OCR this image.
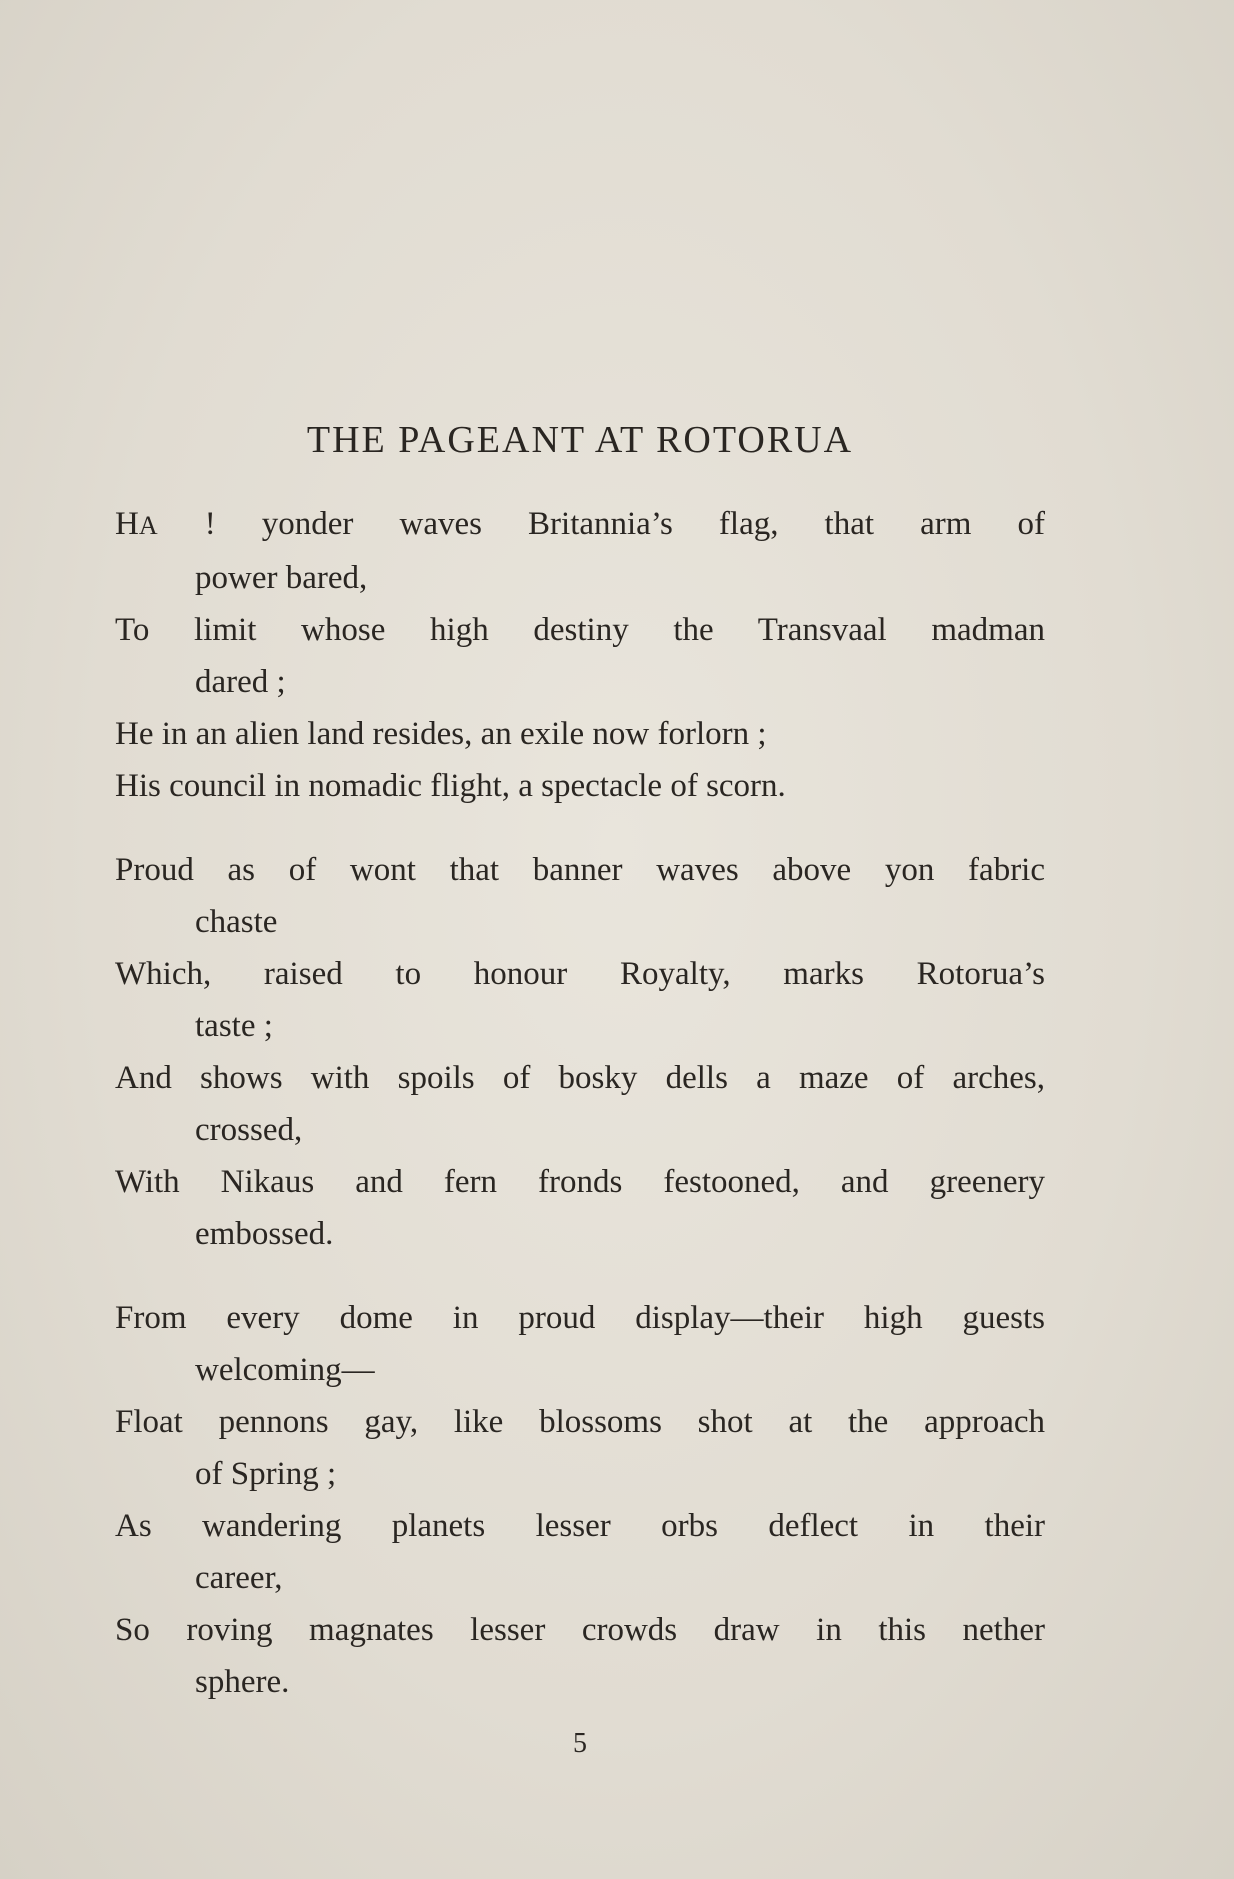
THE PAGEANT AT ROTORUA
HA ! yonder waves Britannia’s flag, that arm of
power bared,
To limit whose high destiny the Transvaal madman
dared ;
He in an alien land resides, an exile now forlorn ;
His council in nomadic flight, a spectacle of scorn.
Proud as of wont that banner waves above yon fabric
chaste
Which, raised to honour Royalty, marks Rotorua’s
taste ;
And shows with spoils of bosky dells a maze of arches,
crossed,
With Nikaus and fern fronds festooned, and greenery
embossed.
From every dome in proud display—their high guests
welcoming—
Float pennons gay, like blossoms shot at the approach
of Spring ;
As wandering planets lesser orbs deflect in their
career,
So roving magnates lesser crowds draw in this nether
sphere.
5
